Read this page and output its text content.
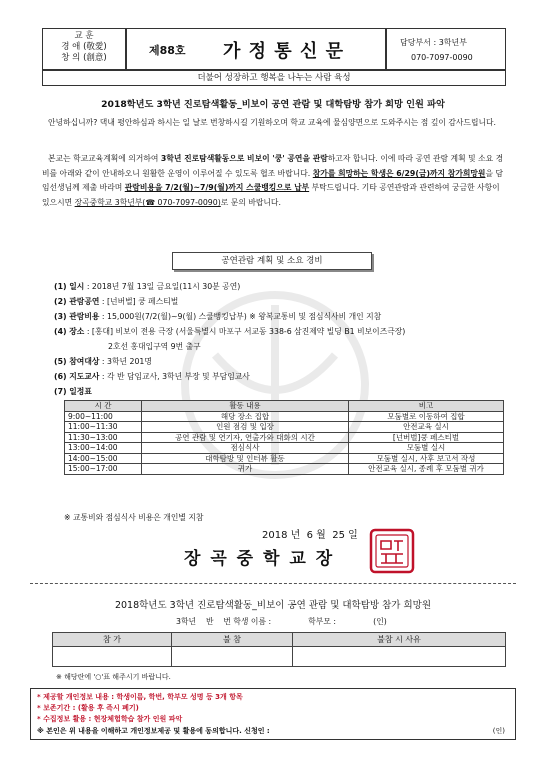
교 훈
경 애 (敬愛)
창 의 (創意)
제88호 가 정 통 신 문	담당부서 : 3학년부
070-7097-0090
더불어 성장하고 행복을 나누는 사람 육성
2018학년도 3학년 진로탐색활동_비보이 공연 관람 및 대학탐방 참가 희망 인원 파악
안녕하십니까? 댁내 평안하심과 하시는 일 날로 번창하시길 기원하오며 학교 교육에 물심양면으로 도와주시는 점 깊이 감사드립니다.
본교는 학교교육계획에 의거하여 3학년 진로탐색활동으로 비보이 '쿵' 공연을 관람하고자 합니다. 이에 따라 공연 관람 계획 및 소요 경비를 아래와 같이 안내하오니 원활한 운영이 이루어질 수 있도록 협조 바랍니다. 참가를 희망하는 학생은 6/29(금)까지 참가희망원을 담임선생님께 제출 바라며 관람비용을 7/2(월)~7/9(월)까지 스쿨뱅킹으로 납부 부탁드립니다. 기타 공연관람과 관련하여 궁금한 사항이 있으시면 장곡중학교 3학년부(☎ 070-7097-0090)로 문의 바랍니다.
공연관람 계획 및 소요 경비
(1) 일시 : 2018년 7월 13일 금요일(11시 30분 공연)
(2) 관람공연 : [넌버벌] 쿵 페스티벌
(3) 관람비용 : 15,000원(7/2(월)~9(월) 스쿨뱅킹납부) ※ 왕복교통비 및 점심식사비 개인 지참
(4) 장소 : [홍대] 비보이 전용 극장 (서울특별시 마포구 서교동 338-6 삼진제약 빌딩 B1 비보이즈극장)
2호선 홍대입구역 9번 출구
(5) 참여대상 : 3학년 201명
(6) 지도교사 : 각 반 담임교사, 3학년 부장 및 부담임교사
(7) 일정표
시 간	활동 내용	비고
9:00~11:00	해당 장소 집합	모둠별로 이동하여 집합
11:00~11:30	인원 점검 및 입장	안전교육 실시
11:30~13:00	공연 관람 및 연기자, 연출가와 대화의 시간	[넌버벌]쿵 페스티벌
13:00~14:00	점심식사	모둠별 실시
14:00~15:00	대학탐방 및 인터뷰 활동	모둠별 실시, 사후 보고서 작성
15:00~17:00	귀가	안전교육 실시, 종례 후 모둠별 귀가
※ 교통비와 점심식사 비용은 개인별 지참
2018 년  6 월  25 일
장 곡 중 학 교 장
2018학년도 3학년 진로탐색활동_비보이 공연 관람 및 대학탐방 참가 희망원
3학년    반    번 학생 이름 :               학부모 :               (인)
참 가	불 참	불참 시 사유

※ 해당란에 '○'표 해주시기 바랍니다.
* 제공할 개인정보 내용 : 학생이름, 학번, 학부모 성명 등 3개 항목
* 보존기간 : (활용 후 즉시 폐기)
* 수집정보 활용 : 현장체험학습 참가 인원 파악
※ 본인은 위 내용을 이해하고 개인정보제공 및 활용에 동의합니다. 신청인 :	(인)
